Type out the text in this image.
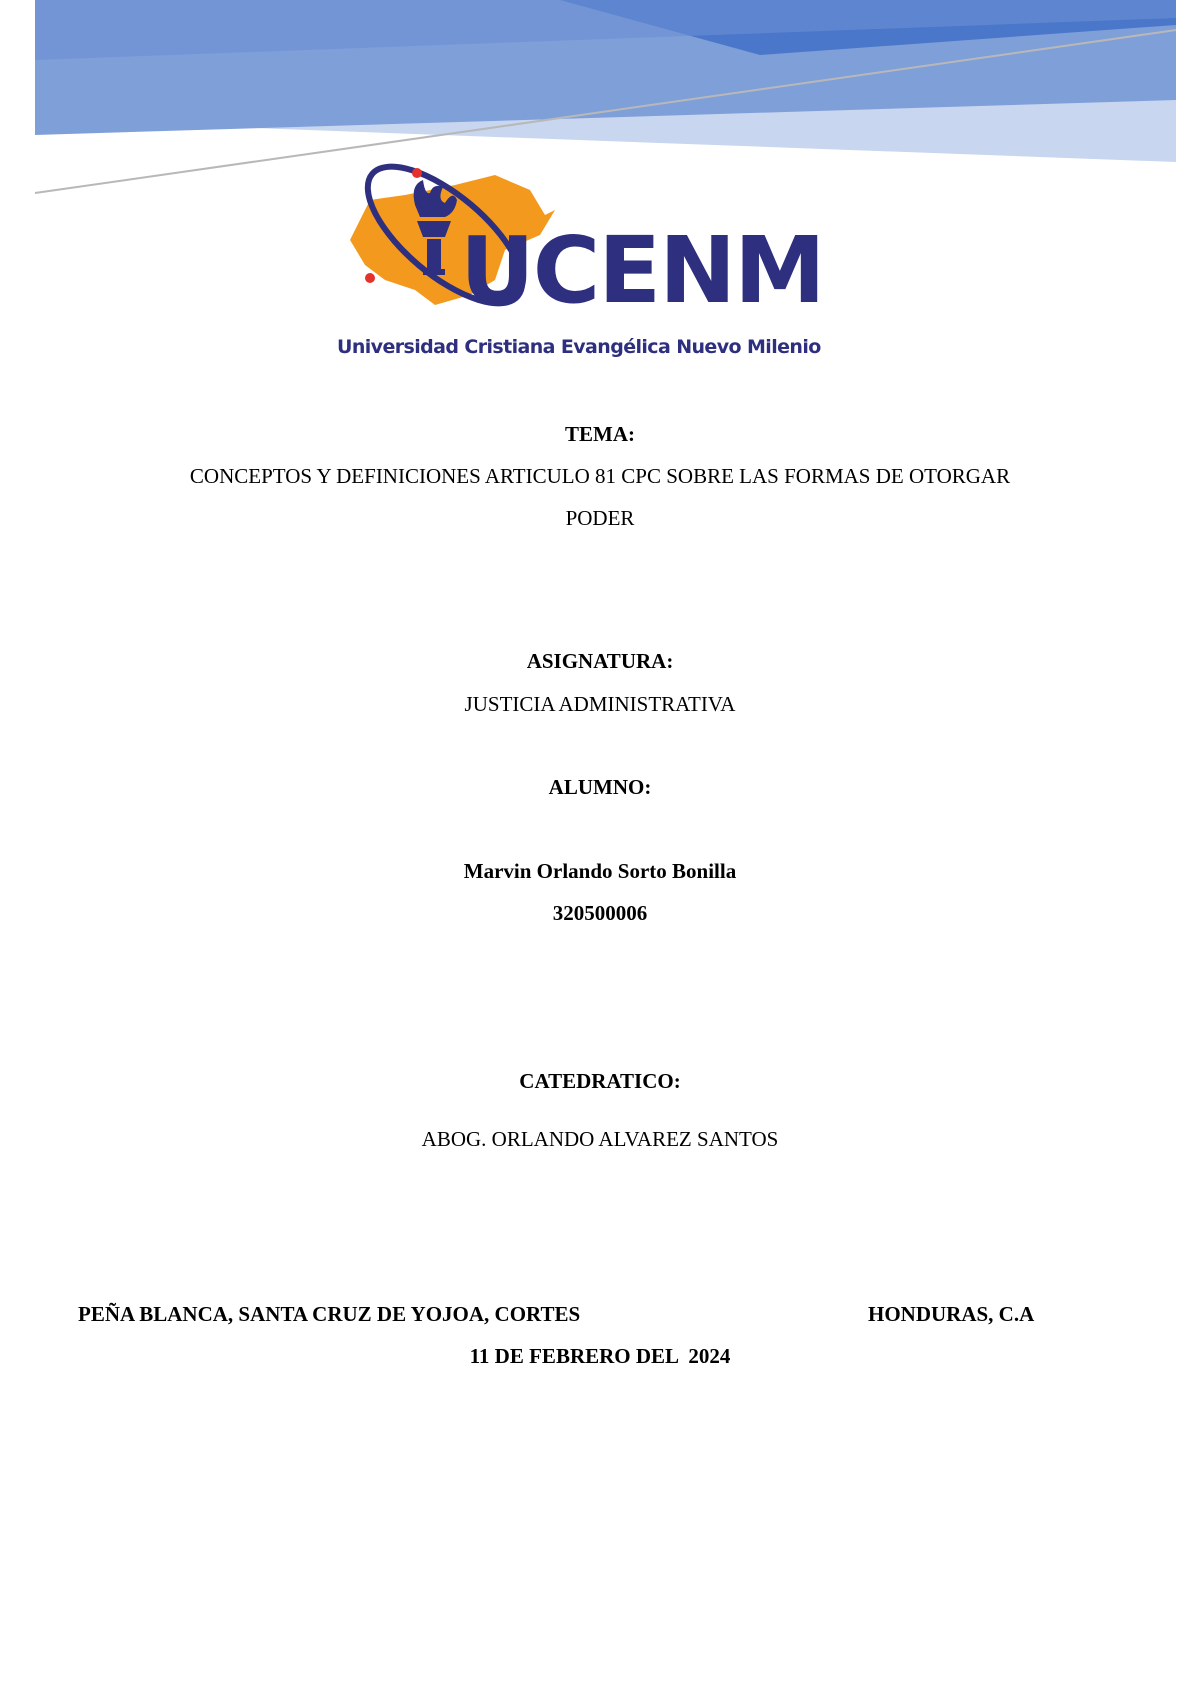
UCENM
Universidad Cristiana Evangélica Nuevo Milenio
TEMA:
CONCEPTOS Y DEFINICIONES ARTICULO 81 CPC SOBRE LAS FORMAS DE OTORGAR
PODER
ASIGNATURA:
JUSTICIA ADMINISTRATIVA
ALUMNO:
Marvin Orlando Sorto Bonilla
320500006
CATEDRATICO:
ABOG. ORLANDO ALVAREZ SANTOS
PEÑA BLANCA, SANTA CRUZ DE YOJOA, CORTES	HONDURAS, C.A
11 DE FEBRERO DEL  2024
